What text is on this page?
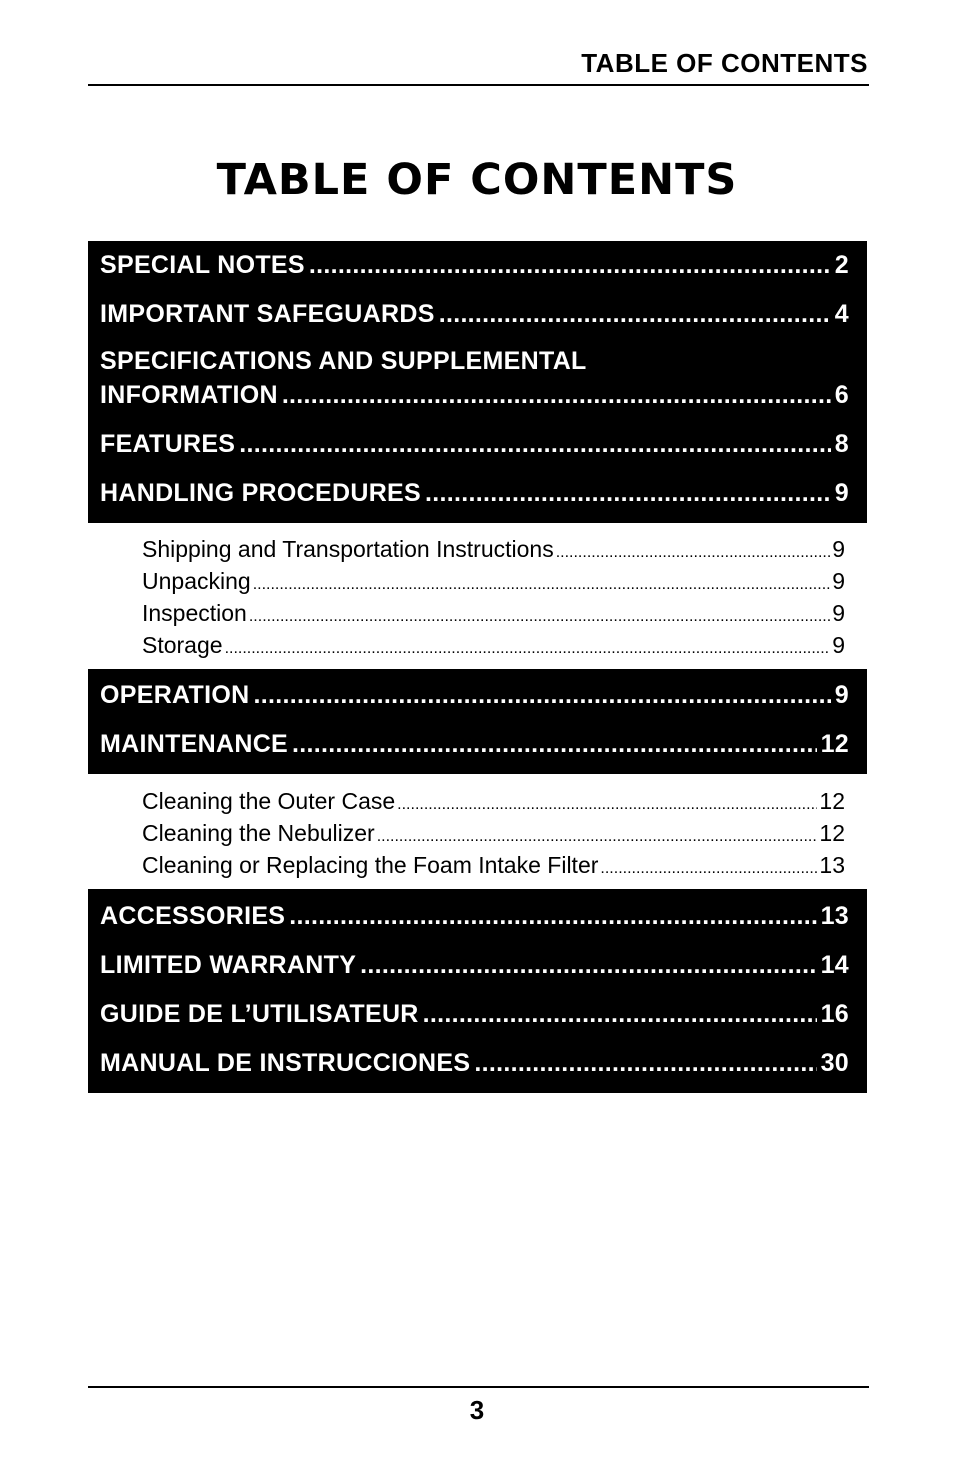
TABLE OF CONTENTS
TABLE OF CONTENTS
SPECIAL NOTES .....	2
IMPORTANT SAFEGUARDS .....	4
SPECIFICATIONS AND SUPPLEMENTAL
INFORMATION .....	6
FEATURES .....	8
HANDLING PROCEDURES .....	9
Shipping and Transportation Instructions .....	9
Unpacking .....	9
Inspection .....	9
Storage .....	9
OPERATION .....	9
MAINTENANCE .....	12
Cleaning the Outer Case .....	12
Cleaning the Nebulizer .....	12
Cleaning or Replacing the Foam Intake Filter .....	13
ACCESSORIES .....	13
LIMITED WARRANTY .....	14
GUIDE DE L’UTILISATEUR .....	16
MANUAL DE INSTRUCCIONES .....	30
3
